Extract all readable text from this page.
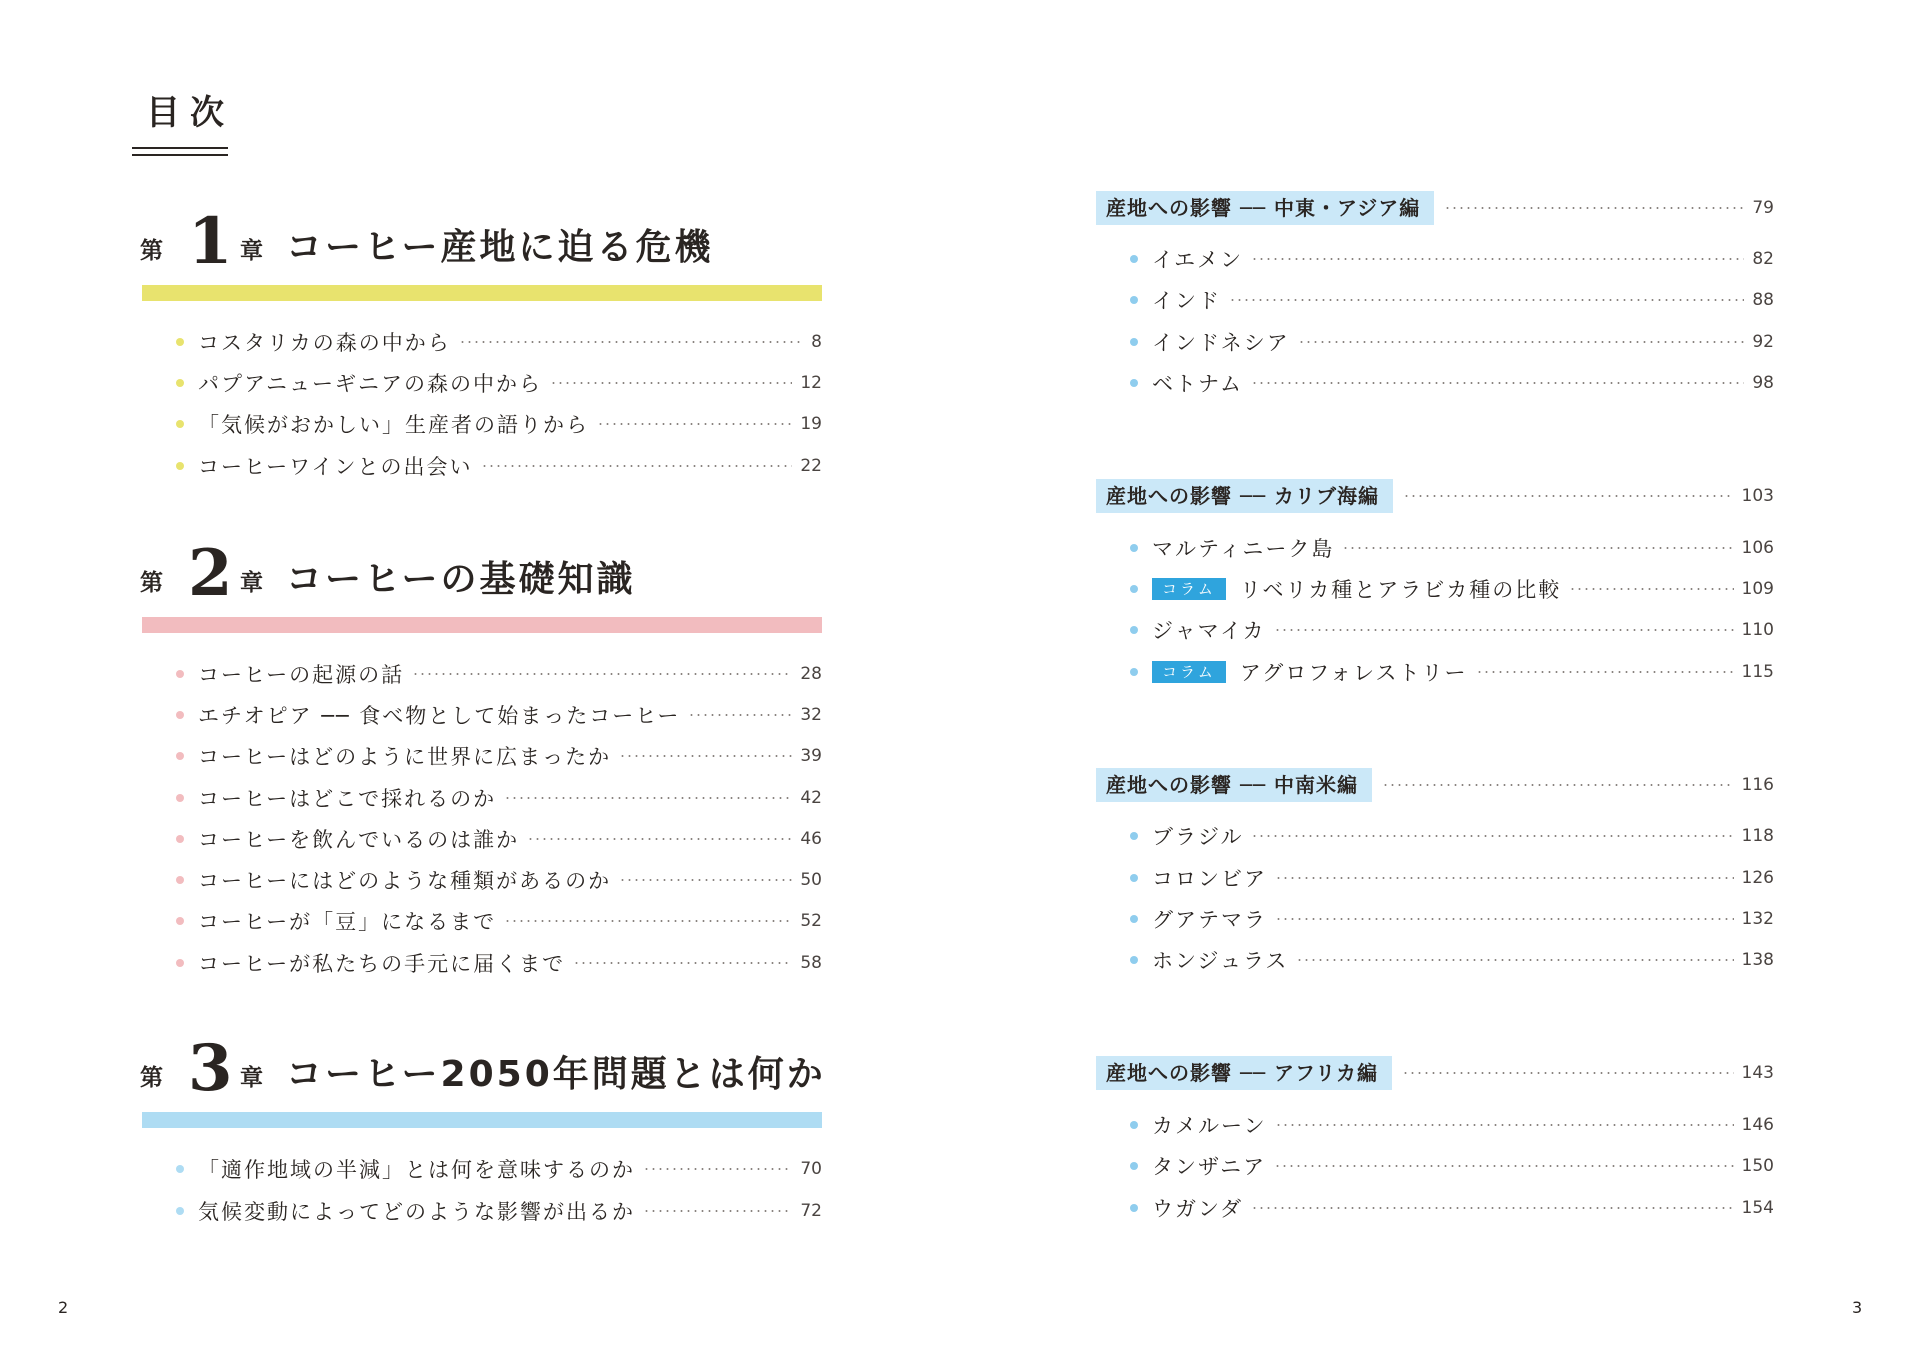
目次
第 1 章 コーヒー産地に迫る危機
コスタリカの森の中から	8
パプアニューギニアの森の中から	12
「気候がおかしい」生産者の語りから	19
コーヒーワインとの出会い	22
第 2 章 コーヒーの基礎知識
コーヒーの起源の話	28
エチオピア ── 食べ物として始まったコーヒー	32
コーヒーはどのように世界に広まったか	39
コーヒーはどこで採れるのか	42
コーヒーを飲んでいるのは誰か	46
コーヒーにはどのような種類があるのか	50
コーヒーが「豆」になるまで	52
コーヒーが私たちの手元に届くまで	58
第 3 章 コーヒー2050年問題とは何か
「適作地域の半減」とは何を意味するのか	70
気候変動によってどのような影響が出るか	72
産地への影響 ── 中東・アジア編	79
イエメン	82
インド	88
インドネシア	92
ベトナム	98
産地への影響 ── カリブ海編	103
マルティニーク島	106
コラム	リベリカ種とアラビカ種の比較	109
ジャマイカ	110
コラム	アグロフォレストリー	115
産地への影響 ── 中南米編	116
ブラジル	118
コロンビア	126
グアテマラ	132
ホンジュラス	138
産地への影響 ── アフリカ編	143
カメルーン	146
タンザニア	150
ウガンダ	154
2	3
